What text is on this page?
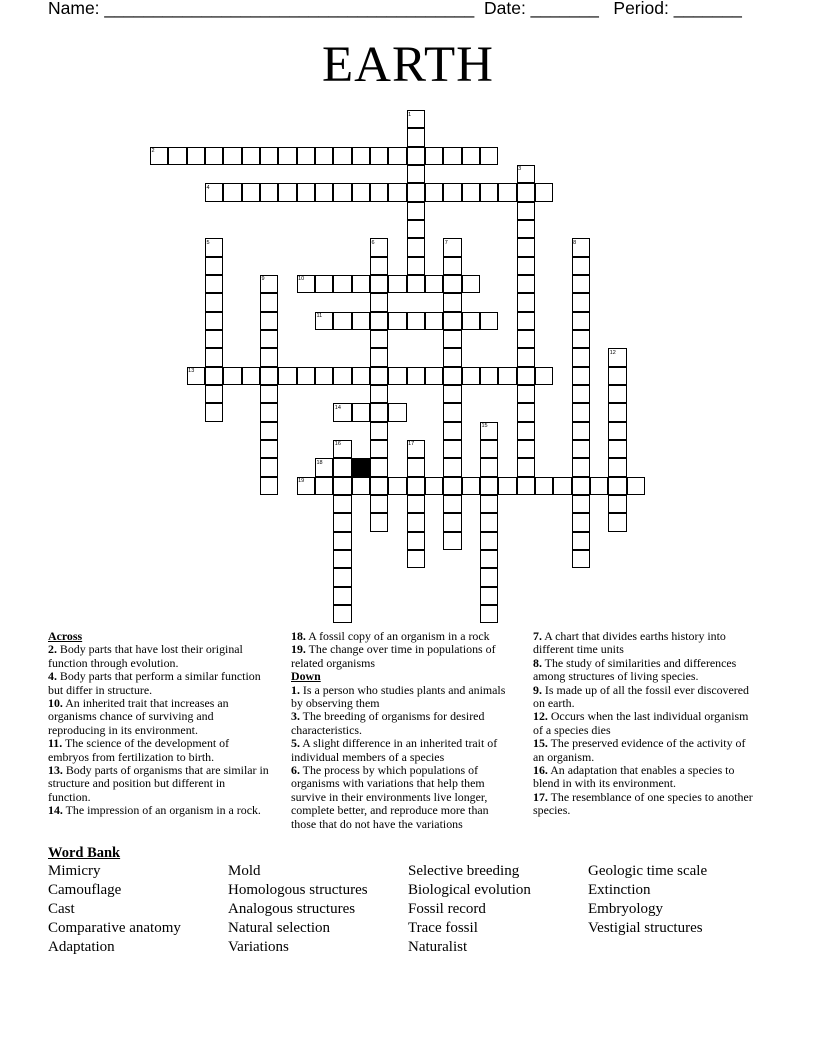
Name: ______________________________________ Date: _______ Period: _______
EARTH
1
2
3
4
5	6	7	8
9	10
11
12
13
14
15
16	17
18
19
Across
2. Body parts that have lost their original function through evolution.
4. Body parts that perform a similar function but differ in structure.
10. An inherited trait that increases an organisms chance of surviving and reproducing in its environment.
11. The science of the development of embryos from fertilization to birth.
13. Body parts of organisms that are similar in structure and position but different in function.
14. The impression of an organism in a rock.
18. A fossil copy of an organism in a rock
19. The change over time in populations of related organisms
Down
1. Is a person who studies plants and animals by observing them
3. The breeding of organisms for desired characteristics.
5. A slight difference in an inherited trait of individual members of a species
6. The process by which populations of organisms with variations that help them survive in their environments live longer, complete better, and reproduce more than those that do not have the variations
7. A chart that divides earths history into different time units
8. The study of similarities and differences among structures of living species.
9. Is made up of all the fossil ever discovered on earth.
12. Occurs when the last individual organism of a species dies
15. The preserved evidence of the activity of an organism.
16. An adaptation that enables a species to blend in with its environment.
17. The resemblance of one species to another species.
Word Bank
Mimicry	Mold	Selective breeding	Geologic time scale
Camouflage	Homologous structures	Biological evolution	Extinction
Cast	Analogous structures	Fossil record	Embryology
Comparative anatomy	Natural selection	Trace fossil	Vestigial structures
Adaptation	Variations	Naturalist
